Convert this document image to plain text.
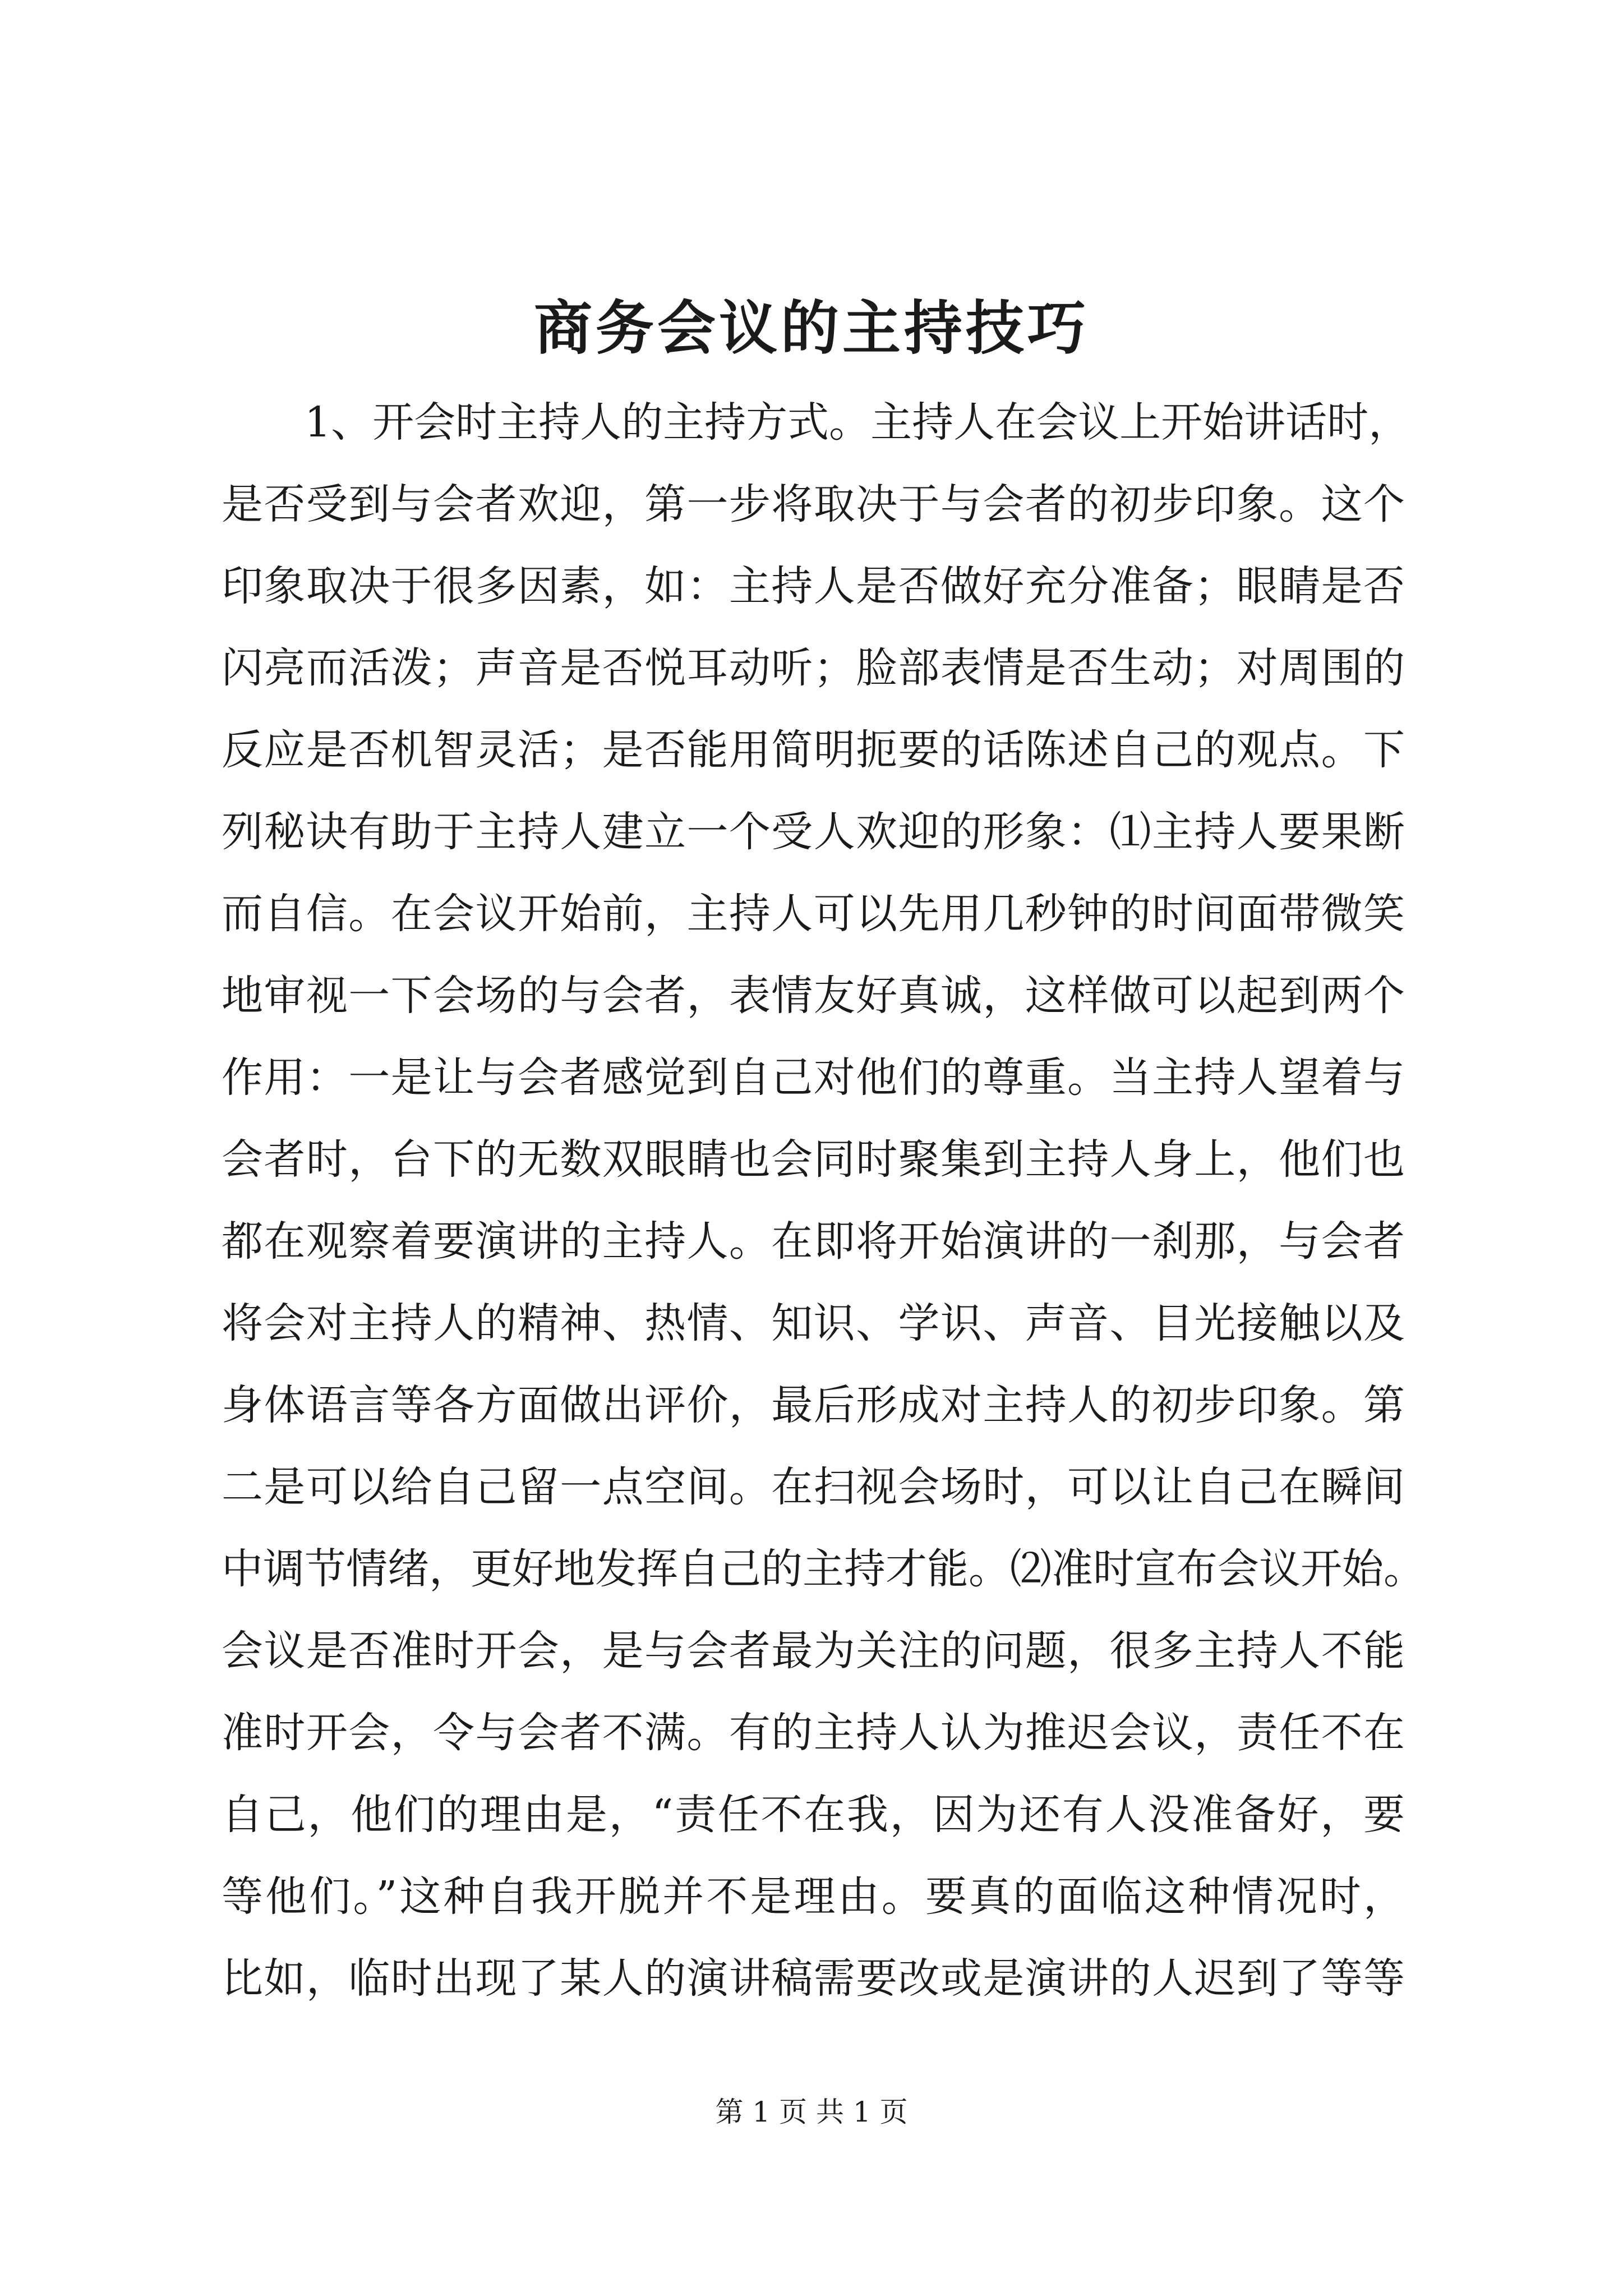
商务会议的主持技巧
1、开会时主持人的主持方式。主持人在会议上开始讲话时，
是否受到与会者欢迎，第一步将取决于与会者的初步印象。这个
印象取决于很多因素，如：主持人是否做好充分准备；眼睛是否
闪亮而活泼；声音是否悦耳动听；脸部表情是否生动；对周围的
反应是否机智灵活；是否能用简明扼要的话陈述自己的观点。下
列秘诀有助于主持人建立一个受人欢迎的形象：⑴主持人要果断
而自信。在会议开始前，主持人可以先用几秒钟的时间面带微笑
地审视一下会场的与会者，表情友好真诚，这样做可以起到两个
作用：一是让与会者感觉到自己对他们的尊重。当主持人望着与
会者时，台下的无数双眼睛也会同时聚集到主持人身上，他们也
都在观察着要演讲的主持人。在即将开始演讲的一刹那，与会者
将会对主持人的精神、热情、知识、学识、声音、目光接触以及
身体语言等各方面做出评价，最后形成对主持人的初步印象。第
二是可以给自己留一点空间。在扫视会场时，可以让自己在瞬间
中调节情绪，更好地发挥自己的主持才能。⑵准时宣布会议开始。
会议是否准时开会，是与会者最为关注的问题，很多主持人不能
准时开会，令与会者不满。有的主持人认为推迟会议，责任不在
自己，他们的理由是，“责任不在我，因为还有人没准备好，要
等他们。”这种自我开脱并不是理由。要真的面临这种情况时，
比如，临时出现了某人的演讲稿需要改或是演讲的人迟到了等等
第 1 页 共 1 页
